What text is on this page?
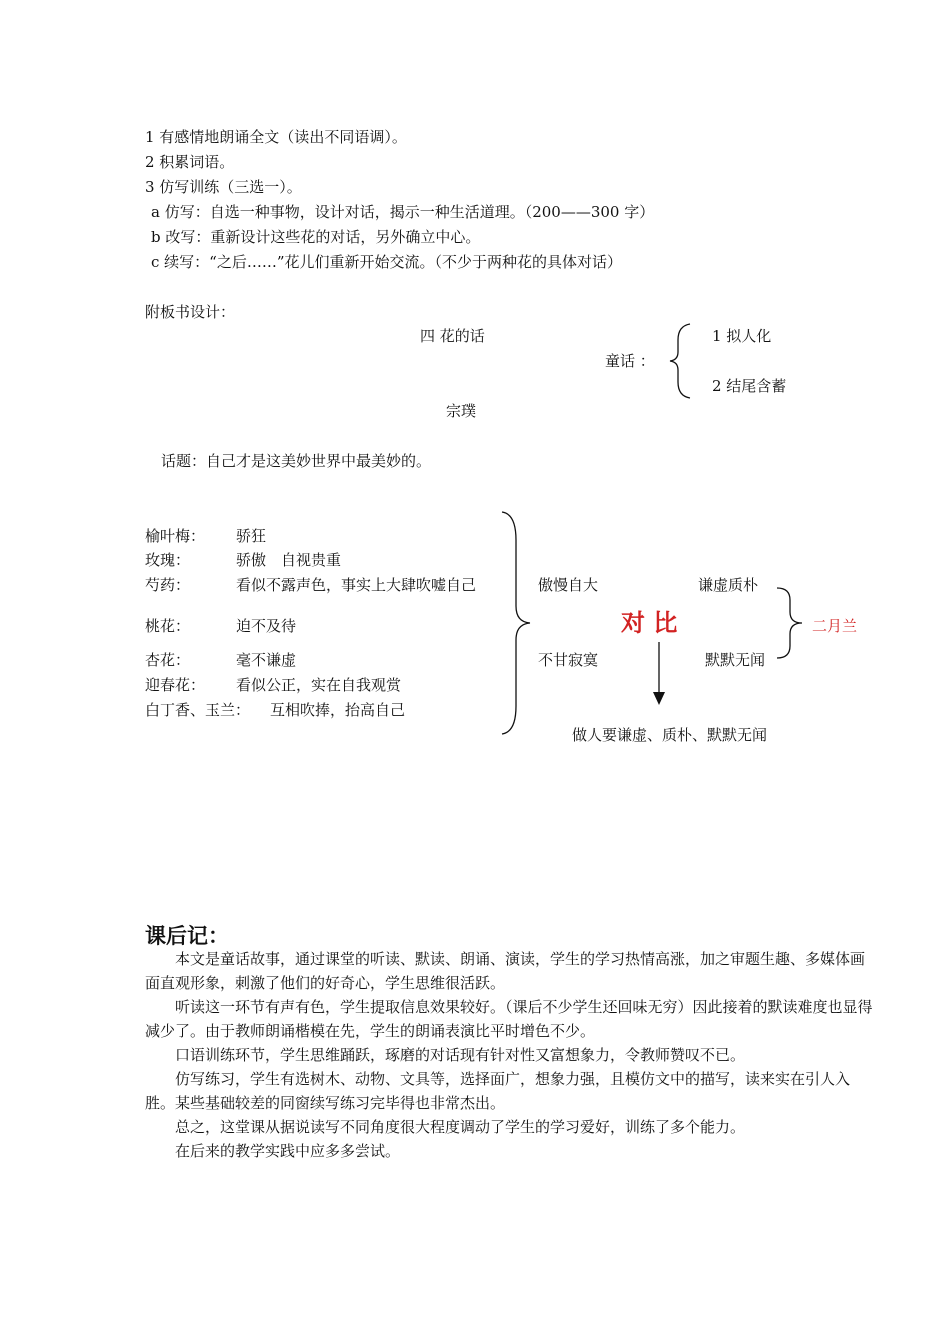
1 有感情地朗诵全文（读出不同语调）。
2 积累词语。
3 仿写训练（三选一）。
a 仿写：自选一种事物，设计对话，揭示一种生活道理。（200——300 字）
b 改写：重新设计这些花的对话，另外确立中心。
c 续写：“之后……”花儿们重新开始交流。（不少于两种花的具体对话）
附板书设计：
四 花的话
宗璞
童话 ：
1 拟人化
2 结尾含蓄
话题：自己才是这美妙世界中最美妙的。
榆叶梅： 骄狂
玫瑰：	骄傲　自视贵重
芍药：	看似不露声色，事实上大肆吹嘘自己
桃花：	迫不及待
杏花：	毫不谦虚
迎春花： 看似公正，实在自我观赏
白丁香、玉兰： 互相吹捧，抬高自己
傲慢自大
不甘寂寞
谦虚质朴
默默无闻
对 比	二月兰
做人要谦虚、质朴、默默无闻
课后记：

本文是童话故事，通过课堂的听读、默读、朗诵、演读，学生的学习热情高涨，加之审题生趣、多媒体画面直观形象，刺激了他们的好奇心，学生思维很活跃。

听读这一环节有声有色，学生提取信息效果较好。（课后不少学生还回味无穷）因此接着的默读难度也显得减少了。由于教师朗诵楷模在先，学生的朗诵表演比平时增色不少。

口语训练环节，学生思维踊跃，琢磨的对话现有针对性又富想象力，令教师赞叹不已。

仿写练习，学生有选树木、动物、文具等，选择面广，想象力强，且模仿文中的描写，读来实在引人入胜。某些基础较差的同窗续写练习完毕得也非常杰出。

总之，这堂课从据说读写不同角度很大程度调动了学生的学习爱好，训练了多个能力。

在后来的教学实践中应多多尝试。
